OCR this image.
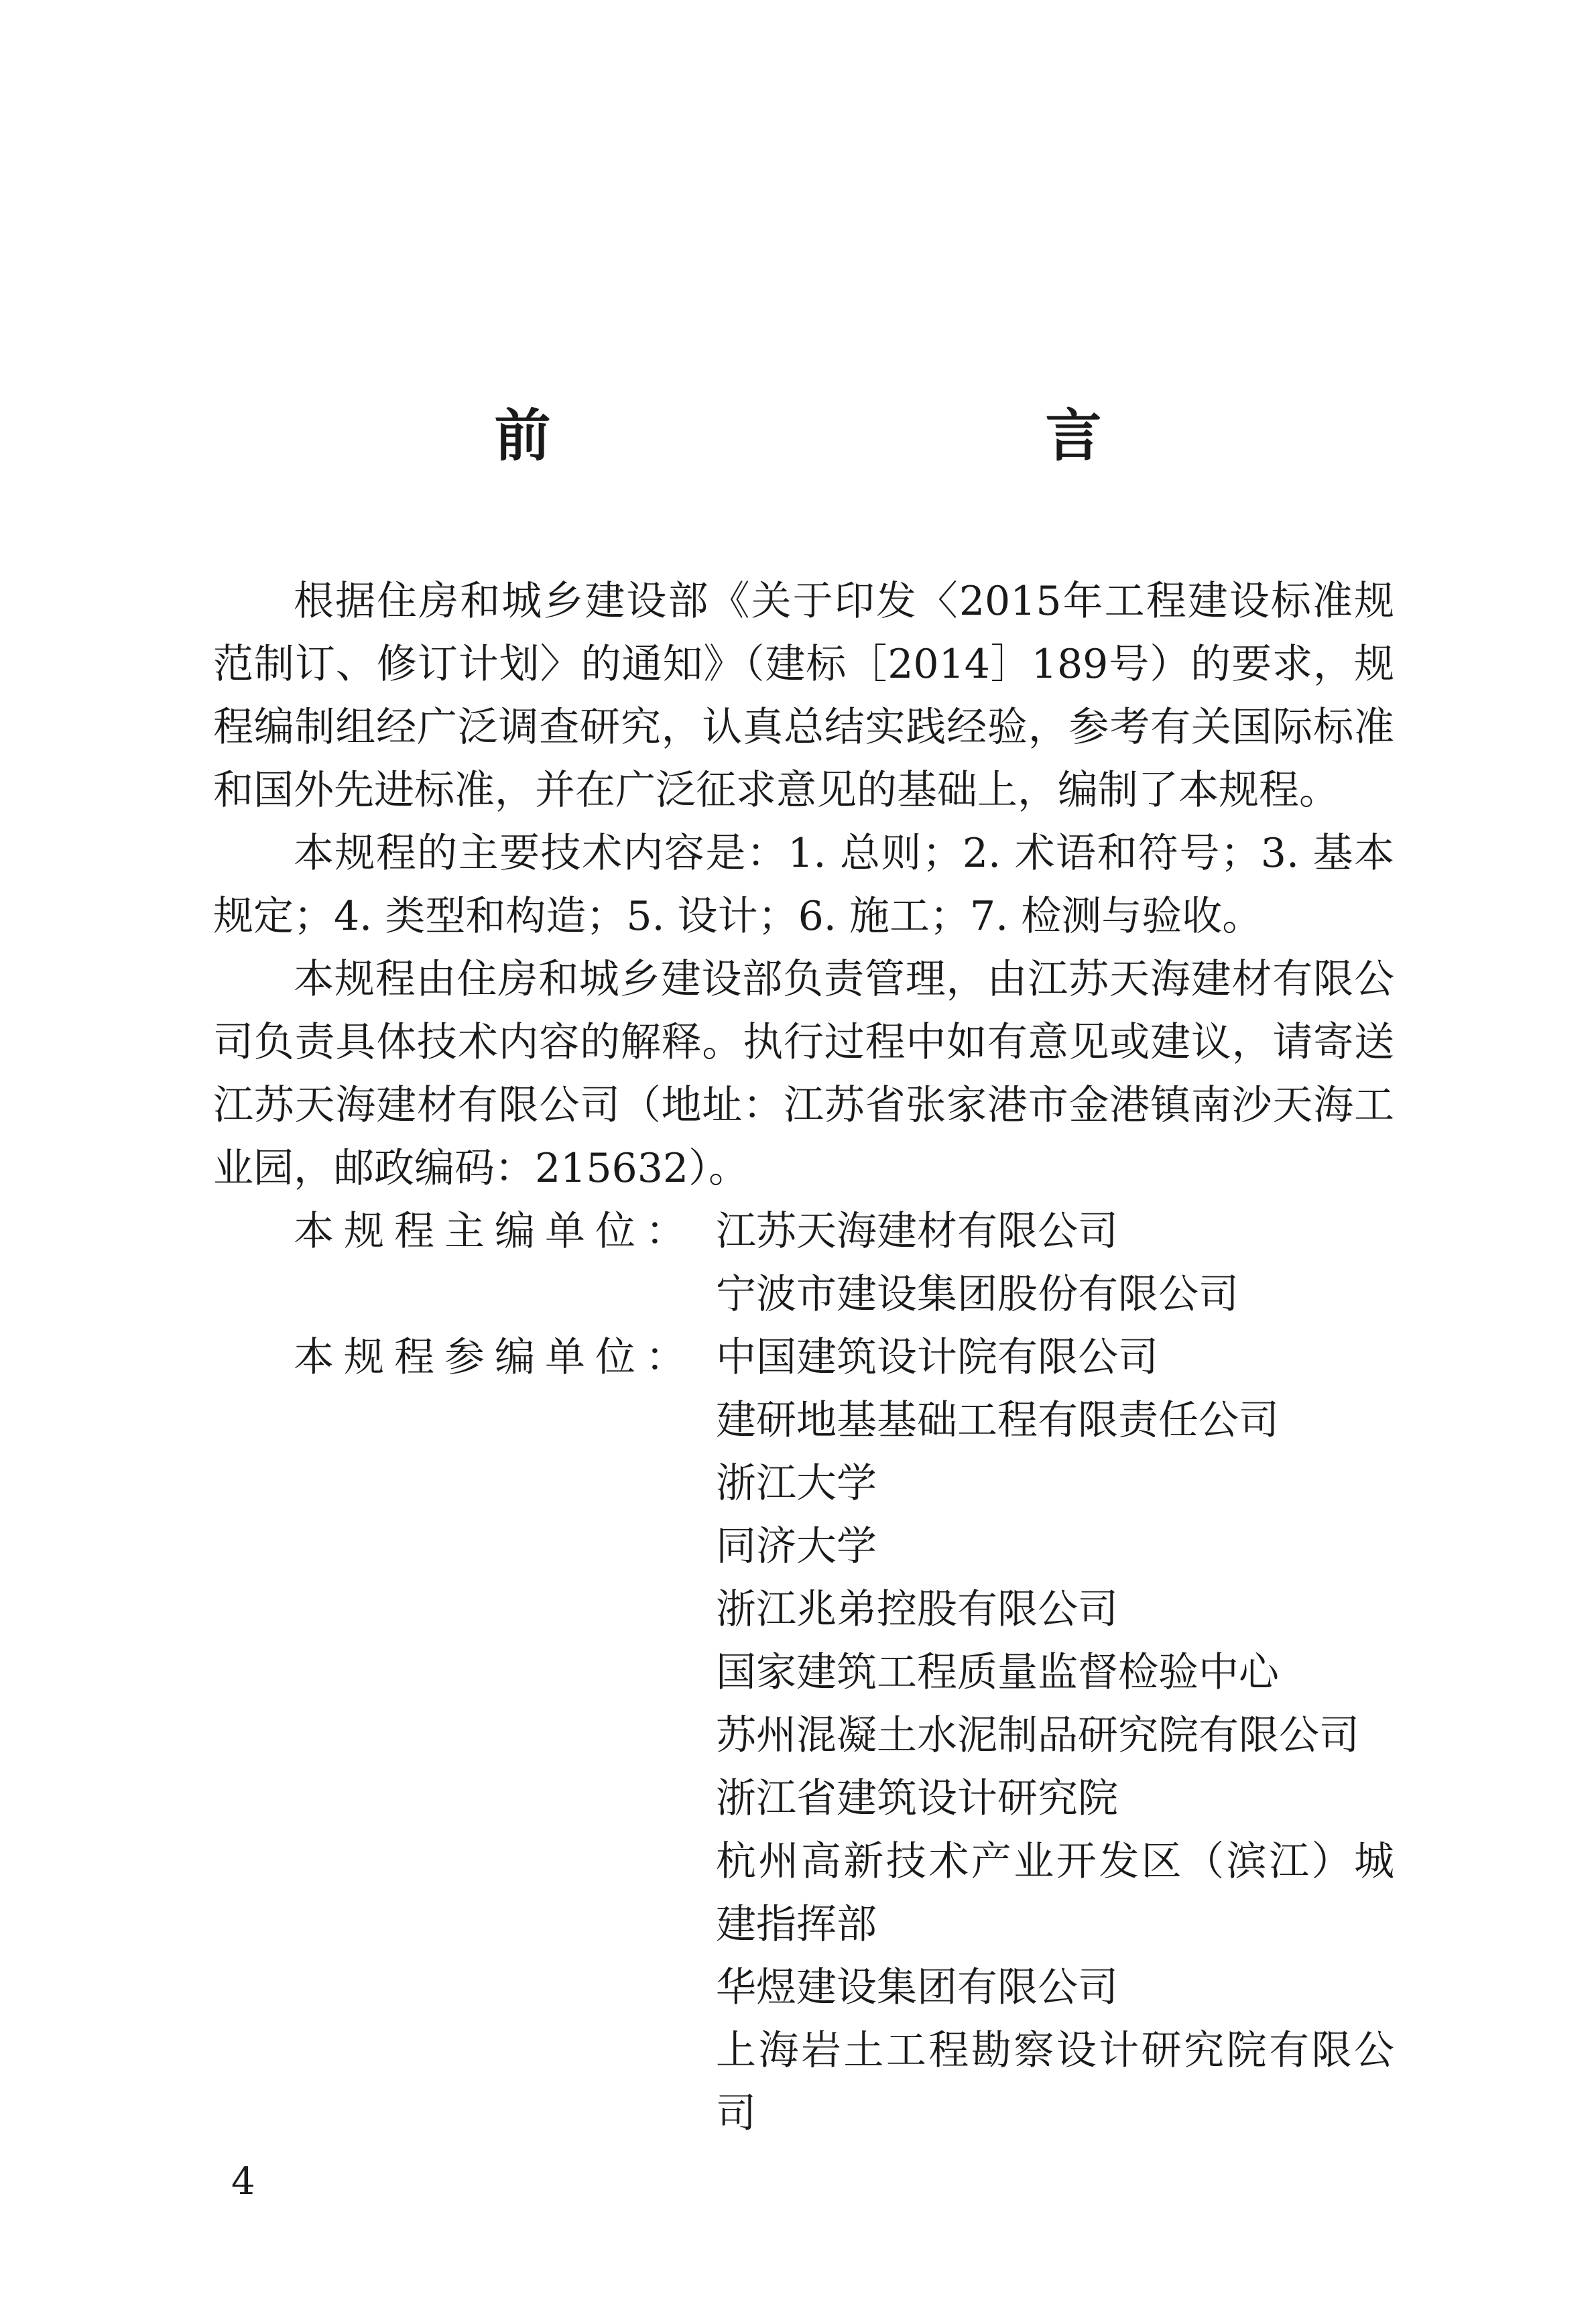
前　　言

根据住房和城乡建设部《关于印发〈2015年工程建设标准规范制订、修订计划〉的通知》（建标［2014］189号）的要求，规程编制组经广泛调查研究，认真总结实践经验，参考有关国际标准和国外先进标准，并在广泛征求意见的基础上，编制了本规程。

本规程的主要技术内容是：1. 总则；2. 术语和符号；3. 基本规定；4. 类型和构造；5. 设计；6. 施工；7. 检测与验收。

本规程由住房和城乡建设部负责管理，由江苏天海建材有限公司负责具体技术内容的解释。执行过程中如有意见或建议，请寄送江苏天海建材有限公司（地址：江苏省张家港市金港镇南沙天海工业园，邮政编码：215632）。

本规程主编单位： 江苏天海建材有限公司
宁波市建设集团股份有限公司
本规程参编单位： 中国建筑设计院有限公司
建研地基基础工程有限责任公司
浙江大学
同济大学
浙江兆弟控股有限公司
国家建筑工程质量监督检验中心
苏州混凝土水泥制品研究院有限公司
浙江省建筑设计研究院
杭州高新技术产业开发区（滨江）城建指挥部
华煜建设集团有限公司
上海岩土工程勘察设计研究院有限公司
4
